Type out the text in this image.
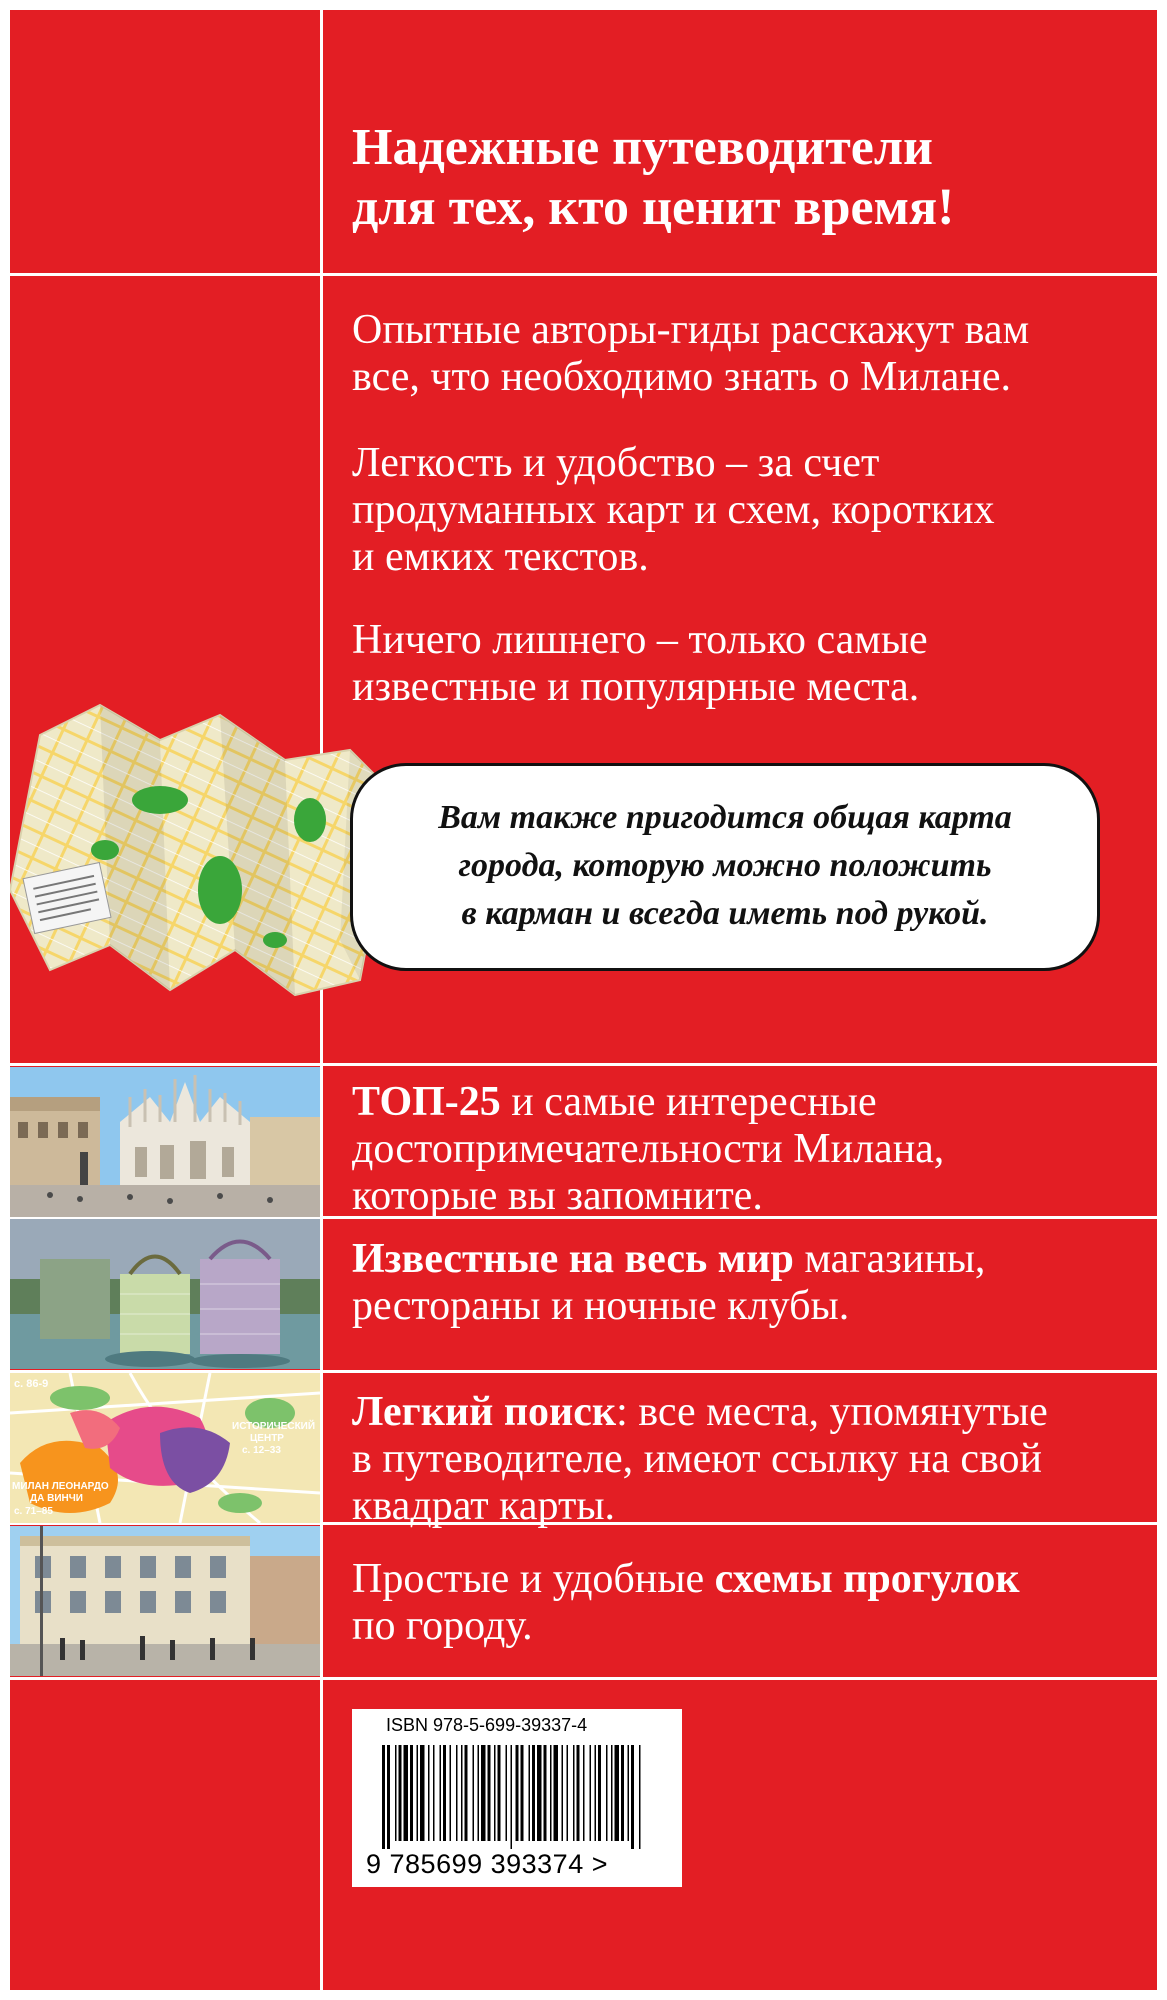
Надежные путеводители
для тех, кто ценит время!
Опытные авторы-гиды расскажут вам
все, что необходимо знать о Милане.
Легкость и удобство – за счет
продуманных карт и схем, коротких
и емких текстов.
Ничего лишнего – только самые
известные и популярные места.
Вам также пригодится общая карта
города, которую можно положить
в карман и всегда иметь под рукой.
с. 86-9
ИСТОРИЧЕСКИЙ
ЦЕНТР
с. 12–33
МИЛАН ЛЕОНАРДО
ДА ВИНЧИ
с. 71–85
ТОП-25 и самые интересные
достопримечательности Милана,
которые вы запомните.
Известные на весь мир магазины,
рестораны и ночные клубы.
Легкий поиск: все места, упомянутые
в путеводителе, имеют ссылку на свой
квадрат карты.
Простые и удобные схемы прогулок
по городу.
ISBN 978-5-699-39337-4
9 785699 393374 >
